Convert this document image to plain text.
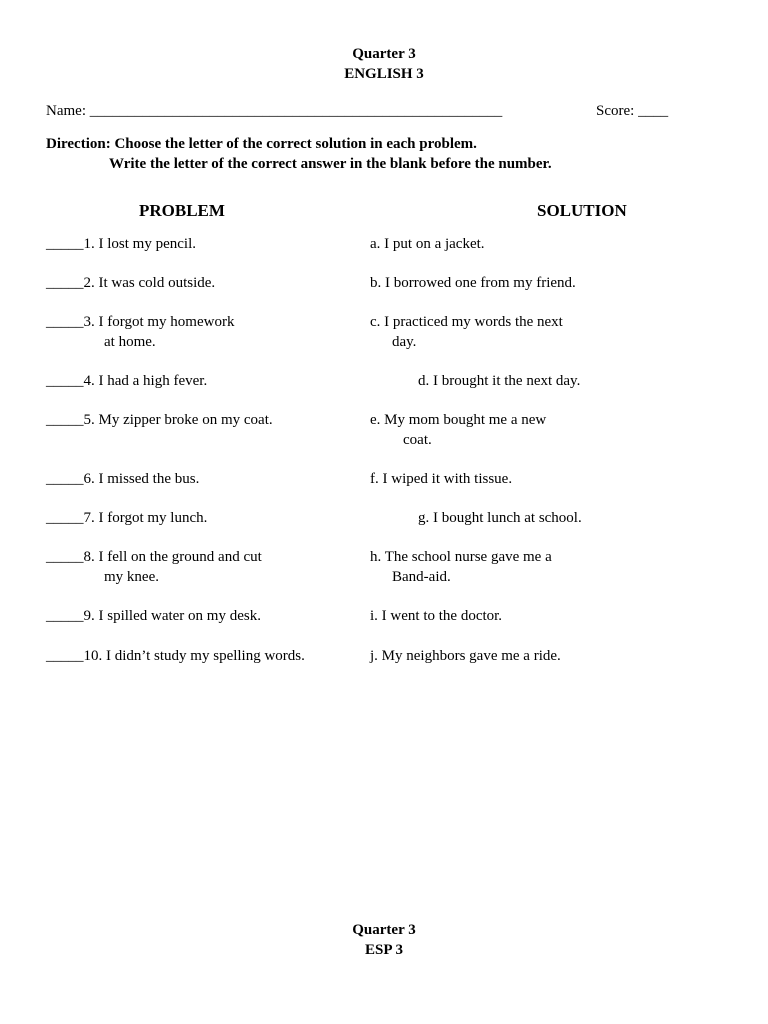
Quarter 3
ENGLISH 3
Name: _______________________________________________________	Score: ____
Direction: Choose the letter of the correct solution in each problem.
Write the letter of the correct answer in the blank before the number.
PROBLEM	SOLUTION
_____1. I lost my pencil.
_____2. It was cold outside.
_____3. I forgot my homework
at home.
_____4. I had a high fever.
_____5. My zipper broke on my coat.
_____6. I missed the bus.
_____7. I forgot my lunch.
_____8. I fell on the ground and cut
my knee.
_____9. I spilled water on my desk.
_____10. I didn’t study my spelling words.
a. I put on a jacket.
b. I borrowed one from my friend.
c. I practiced my words the next
day.
d. I brought it the next day.
e. My mom bought me a new
coat.
f. I wiped it with tissue.
g. I bought lunch at school.
h. The school nurse gave me a
Band-aid.
i. I went to the doctor.
j. My neighbors gave me a ride.
Quarter 3
ESP 3
